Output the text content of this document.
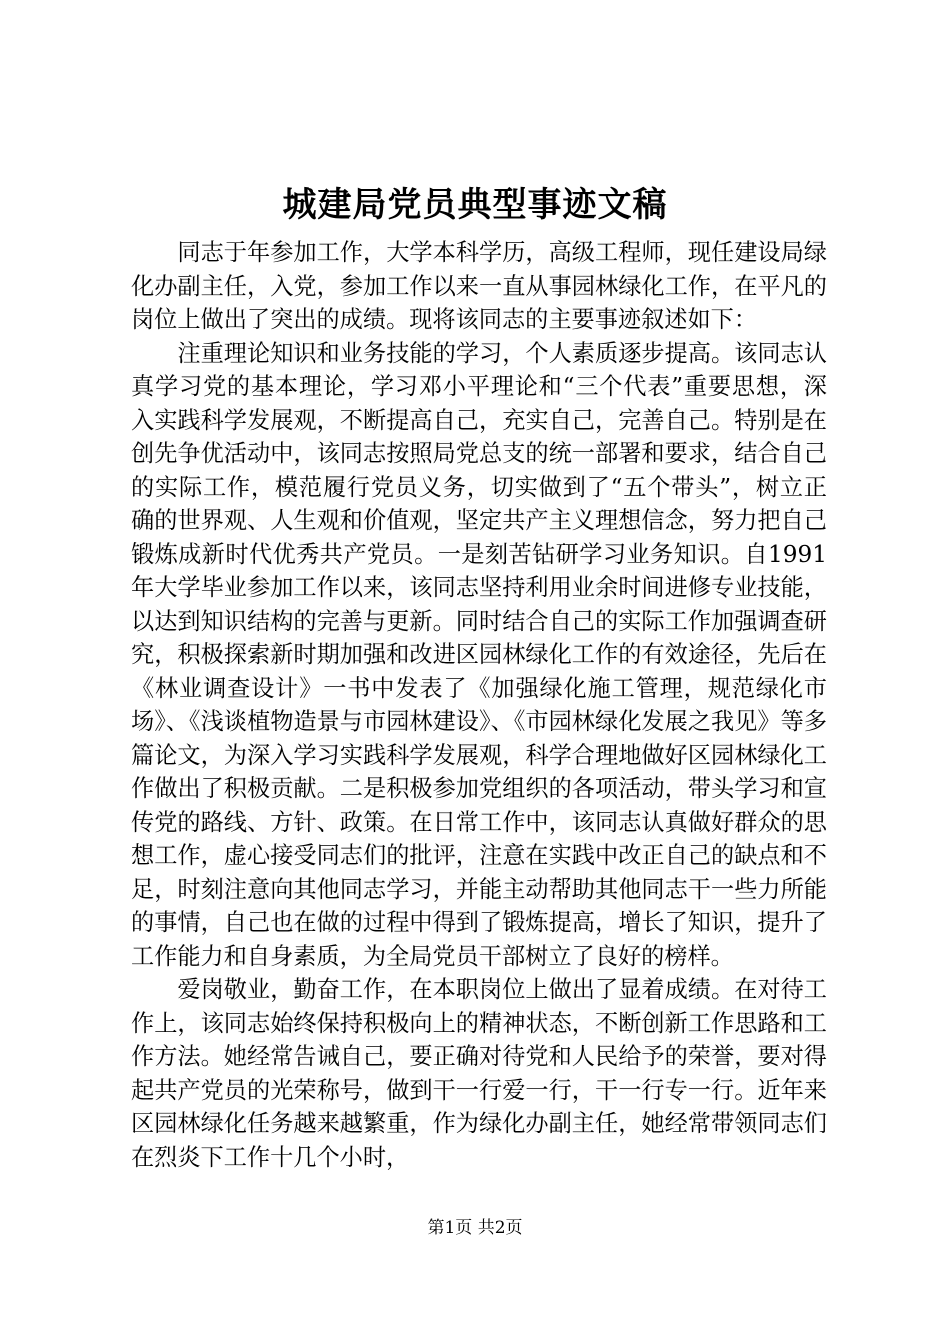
城建局党员典型事迹文稿

同志于年参加工作，大学本科学历，高级工程师，现任建设局绿化办副主任，入党，参加工作以来一直从事园林绿化工作，在平凡的岗位上做出了突出的成绩。现将该同志的主要事迹叙述如下：

注重理论知识和业务技能的学习，个人素质逐步提高。该同志认真学习党的基本理论，学习邓小平理论和“三个代表”重要思想，深入实践科学发展观，不断提高自己，充实自己，完善自己。特别是在创先争优活动中，该同志按照局党总支的统一部署和要求，结合自己的实际工作，模范履行党员义务，切实做到了“五个带头”，树立正确的世界观、人生观和价值观，坚定共产主义理想信念，努力把自己锻炼成新时代优秀共产党员。一是刻苦钻研学习业务知识。自1991年大学毕业参加工作以来，该同志坚持利用业余时间进修专业技能，以达到知识结构的完善与更新。同时结合自己的实际工作加强调查研究，积极探索新时期加强和改进区园林绿化工作的有效途径，先后在《林业调查设计》一书中发表了《加强绿化施工管理，规范绿化市场》、《浅谈植物造景与市园林建设》、《市园林绿化发展之我见》等多篇论文，为深入学习实践科学发展观，科学合理地做好区园林绿化工作做出了积极贡献。二是积极参加党组织的各项活动，带头学习和宣传党的路线、方针、政策。在日常工作中，该同志认真做好群众的思想工作，虚心接受同志们的批评，注意在实践中改正自己的缺点和不足，时刻注意向其他同志学习，并能主动帮助其他同志干一些力所能的事情，自己也在做的过程中得到了锻炼提高，增长了知识，提升了工作能力和自身素质，为全局党员干部树立了良好的榜样。

爱岗敬业，勤奋工作，在本职岗位上做出了显着成绩。在对待工作上，该同志始终保持积极向上的精神状态，不断创新工作思路和工作方法。她经常告诫自己，要正确对待党和人民给予的荣誉，要对得起共产党员的光荣称号，做到干一行爱一行，干一行专一行。近年来区园林绿化任务越来越繁重，作为绿化办副主任，她经常带领同志们在烈炎下工作十几个小时，

第1页 共2页
